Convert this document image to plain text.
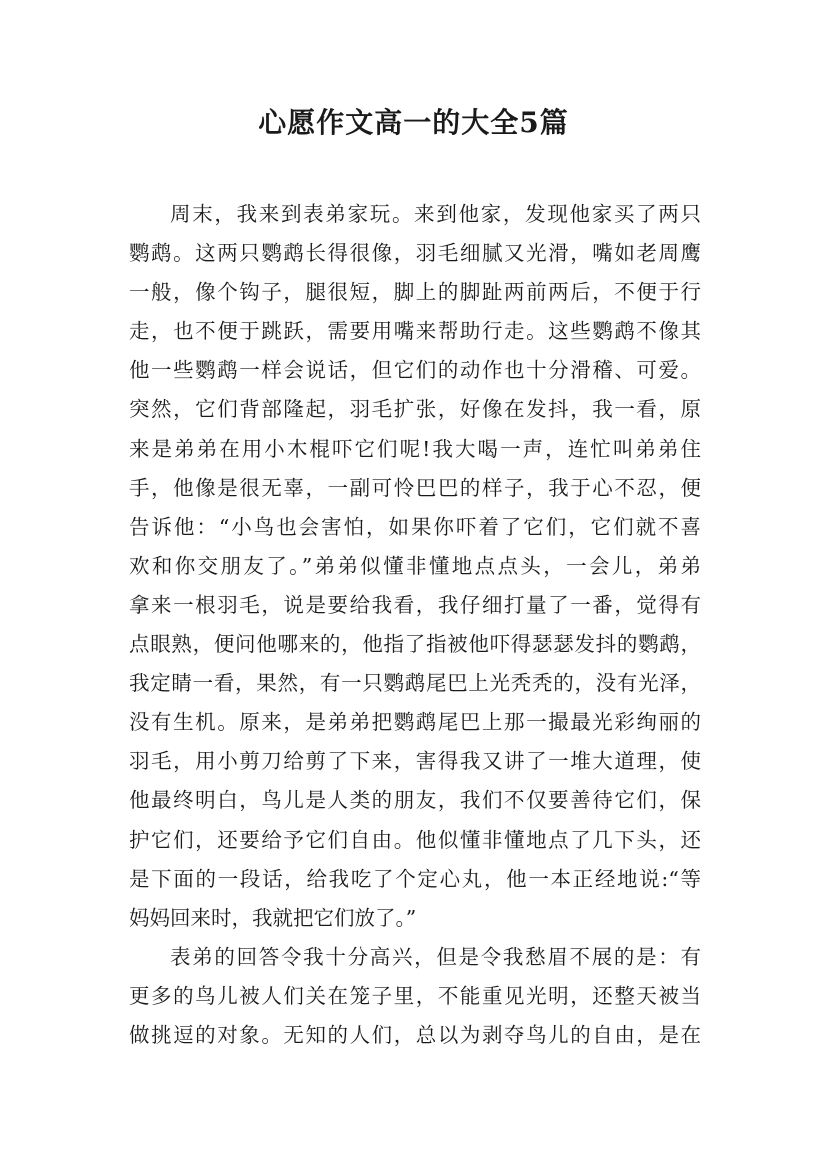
心愿作文高一的大全5篇
周末，我来到表弟家玩。来到他家，发现他家买了两只
鹦鹉。这两只鹦鹉长得很像，羽毛细腻又光滑，嘴如老周鹰
一般，像个钩子，腿很短，脚上的脚趾两前两后，不便于行
走，也不便于跳跃，需要用嘴来帮助行走。这些鹦鹉不像其
他一些鹦鹉一样会说话，但它们的动作也十分滑稽、可爱。
突然，它们背部隆起，羽毛扩张，好像在发抖，我一看，原
来是弟弟在用小木棍吓它们呢!我大喝一声，连忙叫弟弟住
手，他像是很无辜，一副可怜巴巴的样子，我于心不忍，便
告诉他：“小鸟也会害怕，如果你吓着了它们，它们就不喜
欢和你交朋友了。”弟弟似懂非懂地点点头，一会儿，弟弟
拿来一根羽毛，说是要给我看，我仔细打量了一番，觉得有
点眼熟，便问他哪来的，他指了指被他吓得瑟瑟发抖的鹦鹉，
我定睛一看，果然，有一只鹦鹉尾巴上光秃秃的，没有光泽，
没有生机。原来，是弟弟把鹦鹉尾巴上那一撮最光彩绚丽的
羽毛，用小剪刀给剪了下来，害得我又讲了一堆大道理，使
他最终明白，鸟儿是人类的朋友，我们不仅要善待它们，保
护它们，还要给予它们自由。他似懂非懂地点了几下头，还
是下面的一段话，给我吃了个定心丸，他一本正经地说:“等
妈妈回来时，我就把它们放了。”
表弟的回答令我十分高兴，但是令我愁眉不展的是：有
更多的鸟儿被人们关在笼子里，不能重见光明，还整天被当
做挑逗的对象。无知的人们，总以为剥夺鸟儿的自由，是在
